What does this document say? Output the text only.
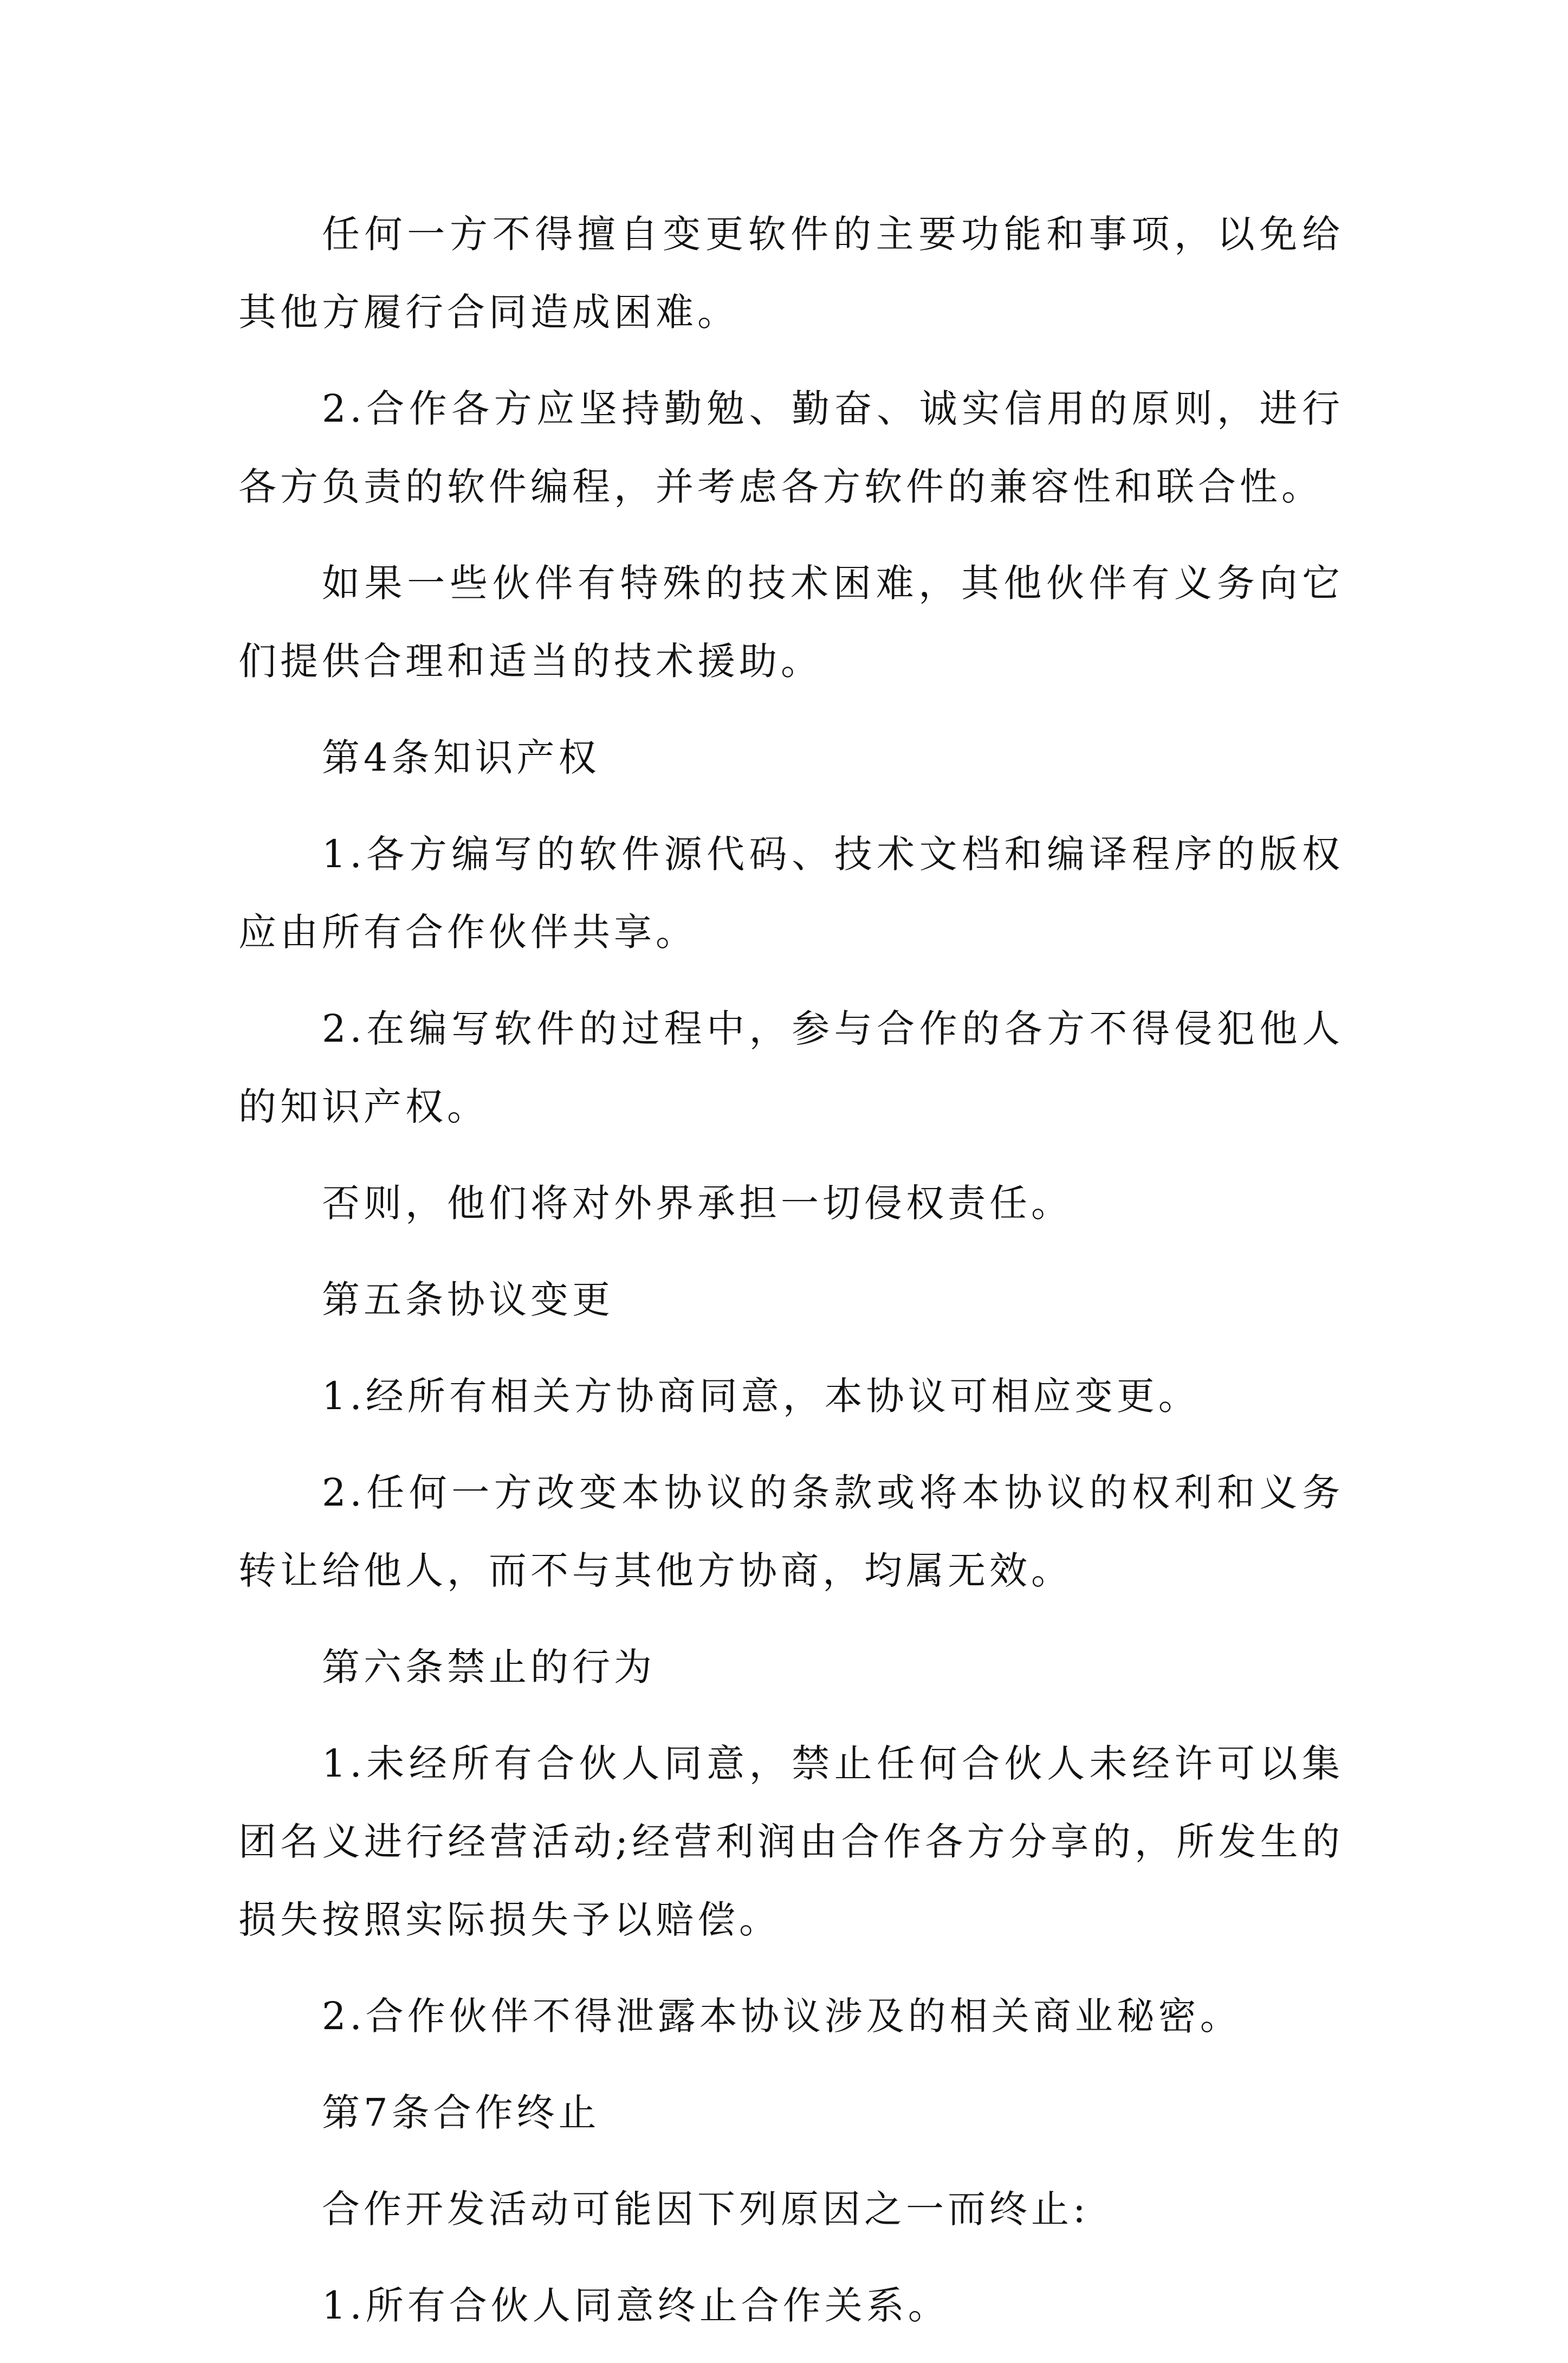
任何一方不得擅自变更软件的主要功能和事项，以免给其他方履行合同造成困难。

2.合作各方应坚持勤勉、勤奋、诚实信用的原则，进行各方负责的软件编程，并考虑各方软件的兼容性和联合性。

如果一些伙伴有特殊的技术困难，其他伙伴有义务向它们提供合理和适当的技术援助。

第4条知识产权

1.各方编写的软件源代码、技术文档和编译程序的版权应由所有合作伙伴共享。

2.在编写软件的过程中，参与合作的各方不得侵犯他人的知识产权。

否则，他们将对外界承担一切侵权责任。

第五条协议变更

1.经所有相关方协商同意，本协议可相应变更。

2.任何一方改变本协议的条款或将本协议的权利和义务转让给他人，而不与其他方协商，均属无效。

第六条禁止的行为

1.未经所有合伙人同意，禁止任何合伙人未经许可以集团名义进行经营活动;经营利润由合作各方分享的，所发生的损失按照实际损失予以赔偿。

2.合作伙伴不得泄露本协议涉及的相关商业秘密。

第7条合作终止

合作开发活动可能因下列原因之一而终止:

1.所有合伙人同意终止合作关系。
